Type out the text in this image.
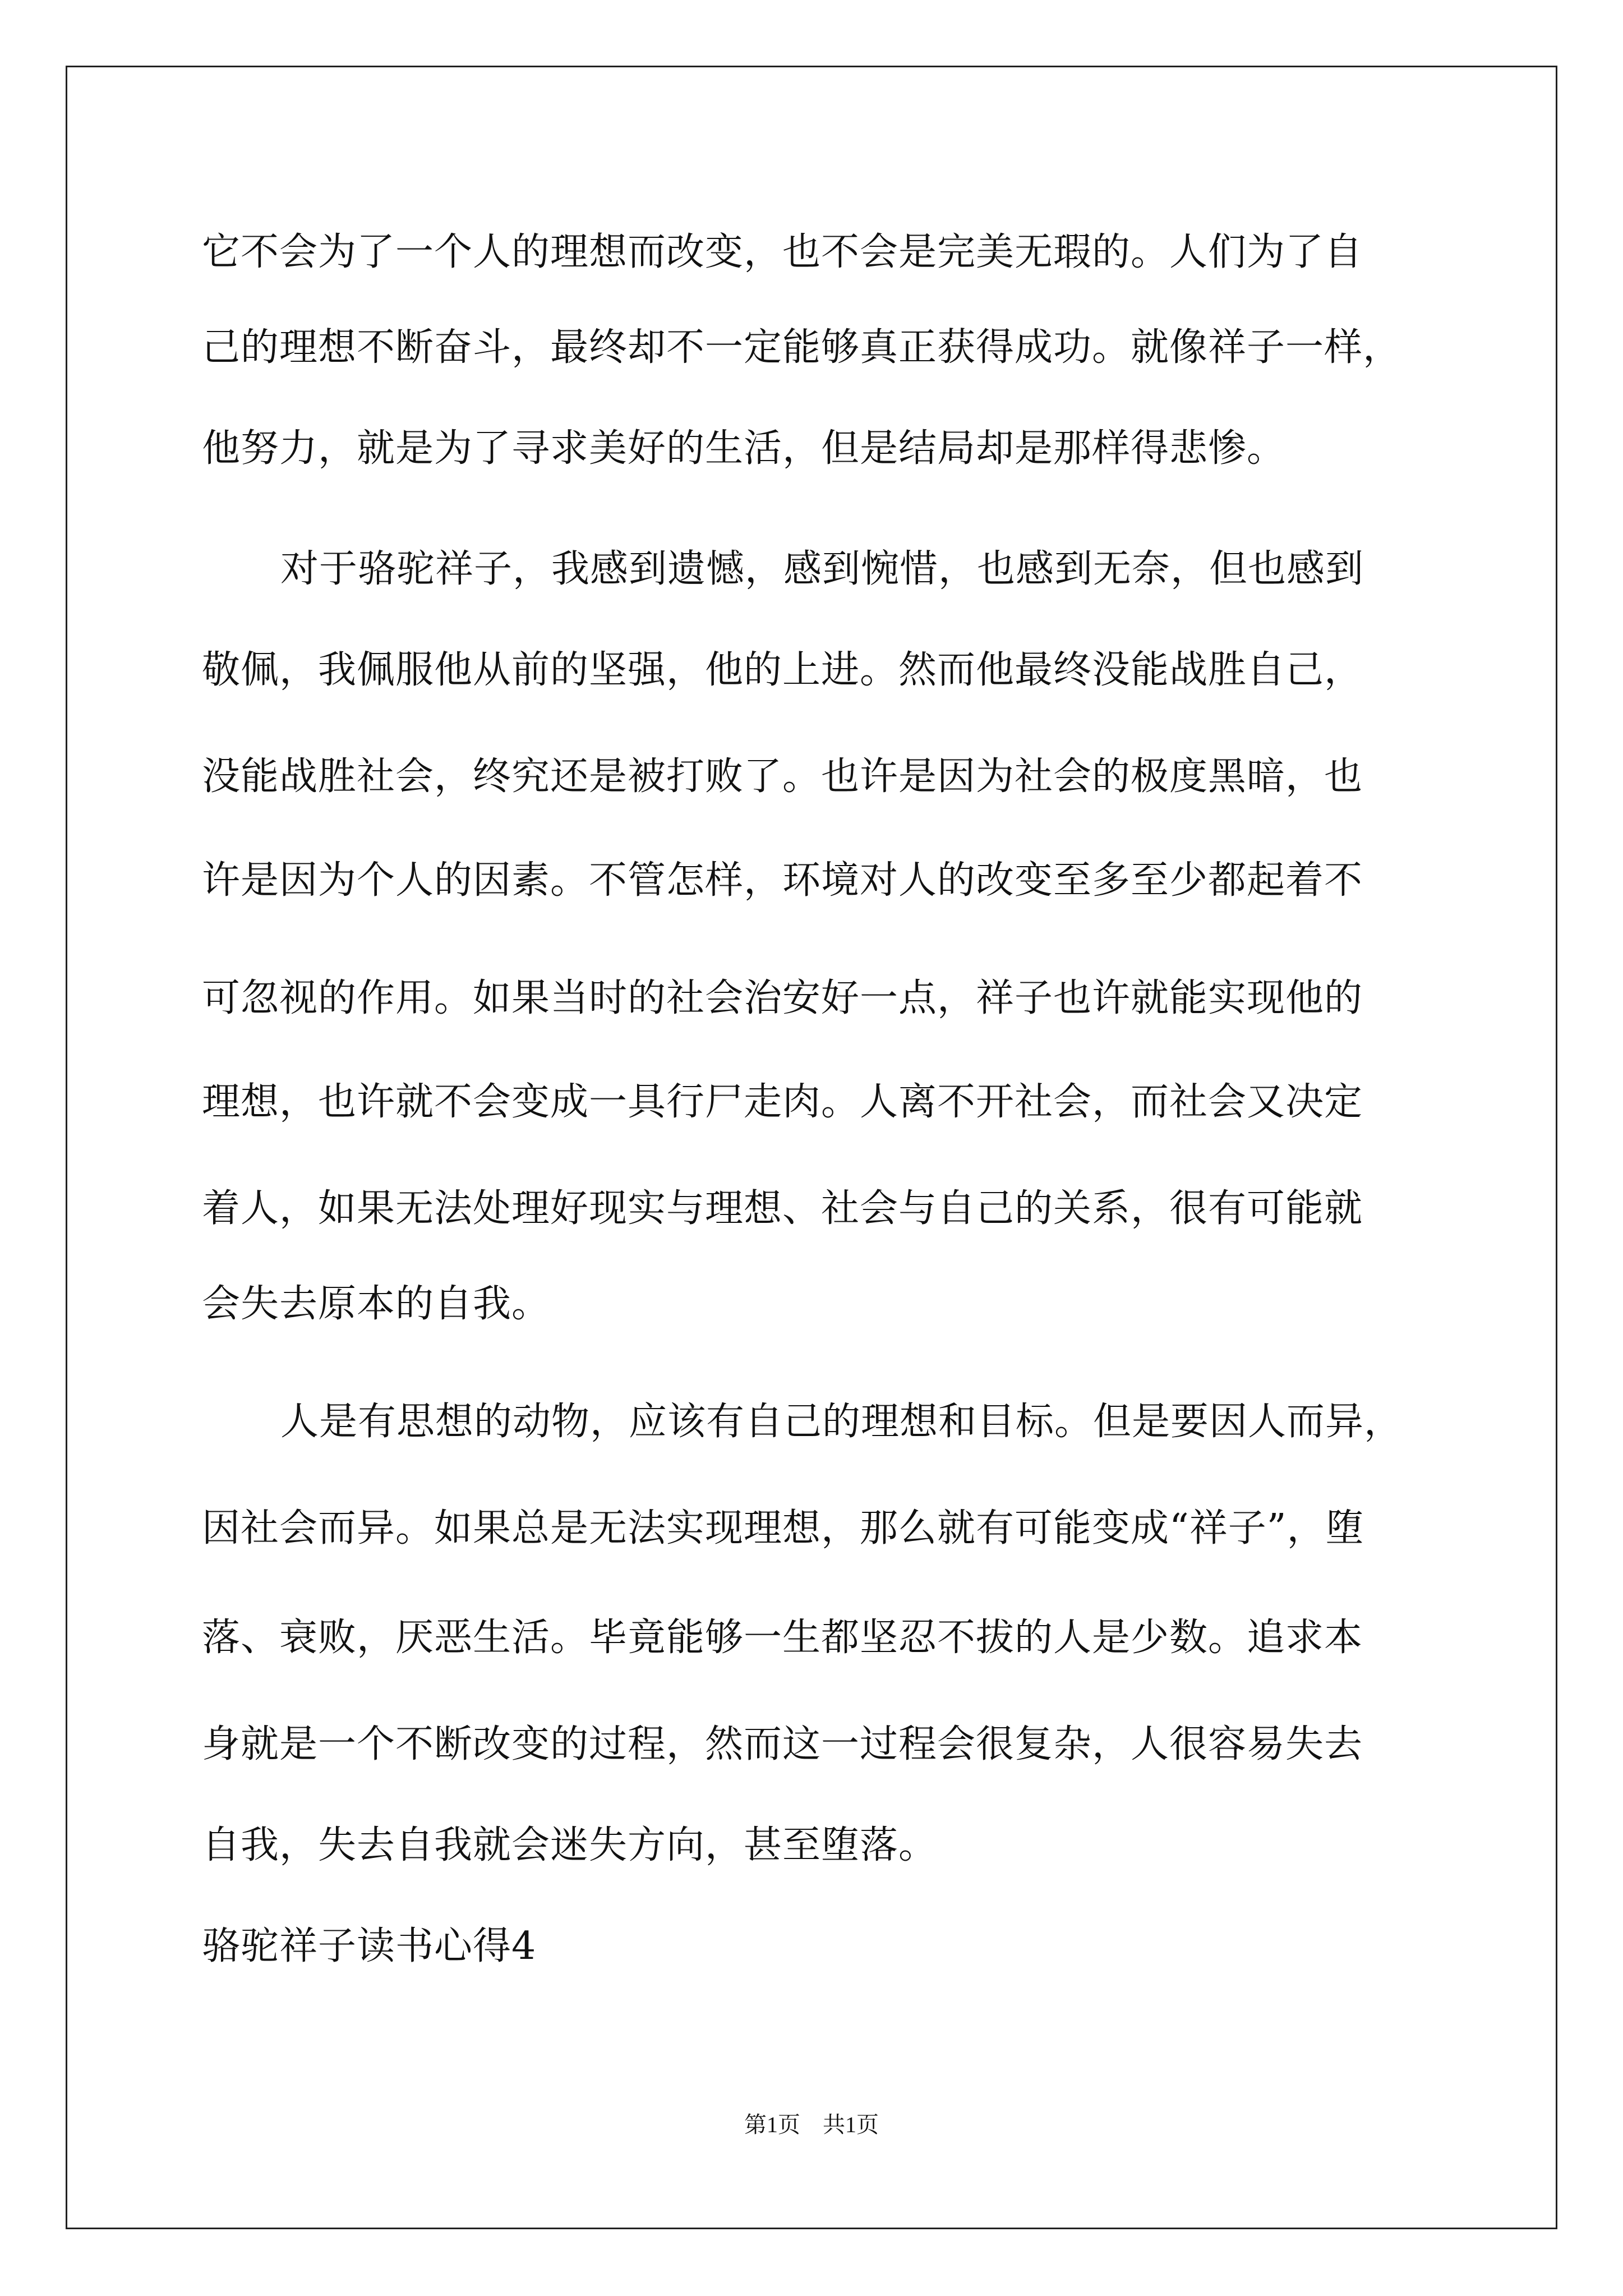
它不会为了一个人的理想而改变，也不会是完美无瑕的。人们为了自
己的理想不断奋斗，最终却不一定能够真正获得成功。就像祥子一样，
他努力，就是为了寻求美好的生活，但是结局却是那样得悲惨。
对于骆驼祥子，我感到遗憾，感到惋惜，也感到无奈，但也感到
敬佩，我佩服他从前的坚强，他的上进。然而他最终没能战胜自己，
没能战胜社会，终究还是被打败了。也许是因为社会的极度黑暗，也
许是因为个人的因素。不管怎样，环境对人的改变至多至少都起着不
可忽视的作用。如果当时的社会治安好一点，祥子也许就能实现他的
理想，也许就不会变成一具行尸走肉。人离不开社会，而社会又决定
着人，如果无法处理好现实与理想、社会与自己的关系，很有可能就
会失去原本的自我。
人是有思想的动物，应该有自己的理想和目标。但是要因人而异，
因社会而异。如果总是无法实现理想，那么就有可能变成“祥子”，堕
落、衰败，厌恶生活。毕竟能够一生都坚忍不拔的人是少数。追求本
身就是一个不断改变的过程，然而这一过程会很复杂，人很容易失去
自我，失去自我就会迷失方向，甚至堕落。
骆驼祥子读书心得4
第1页　共1页
